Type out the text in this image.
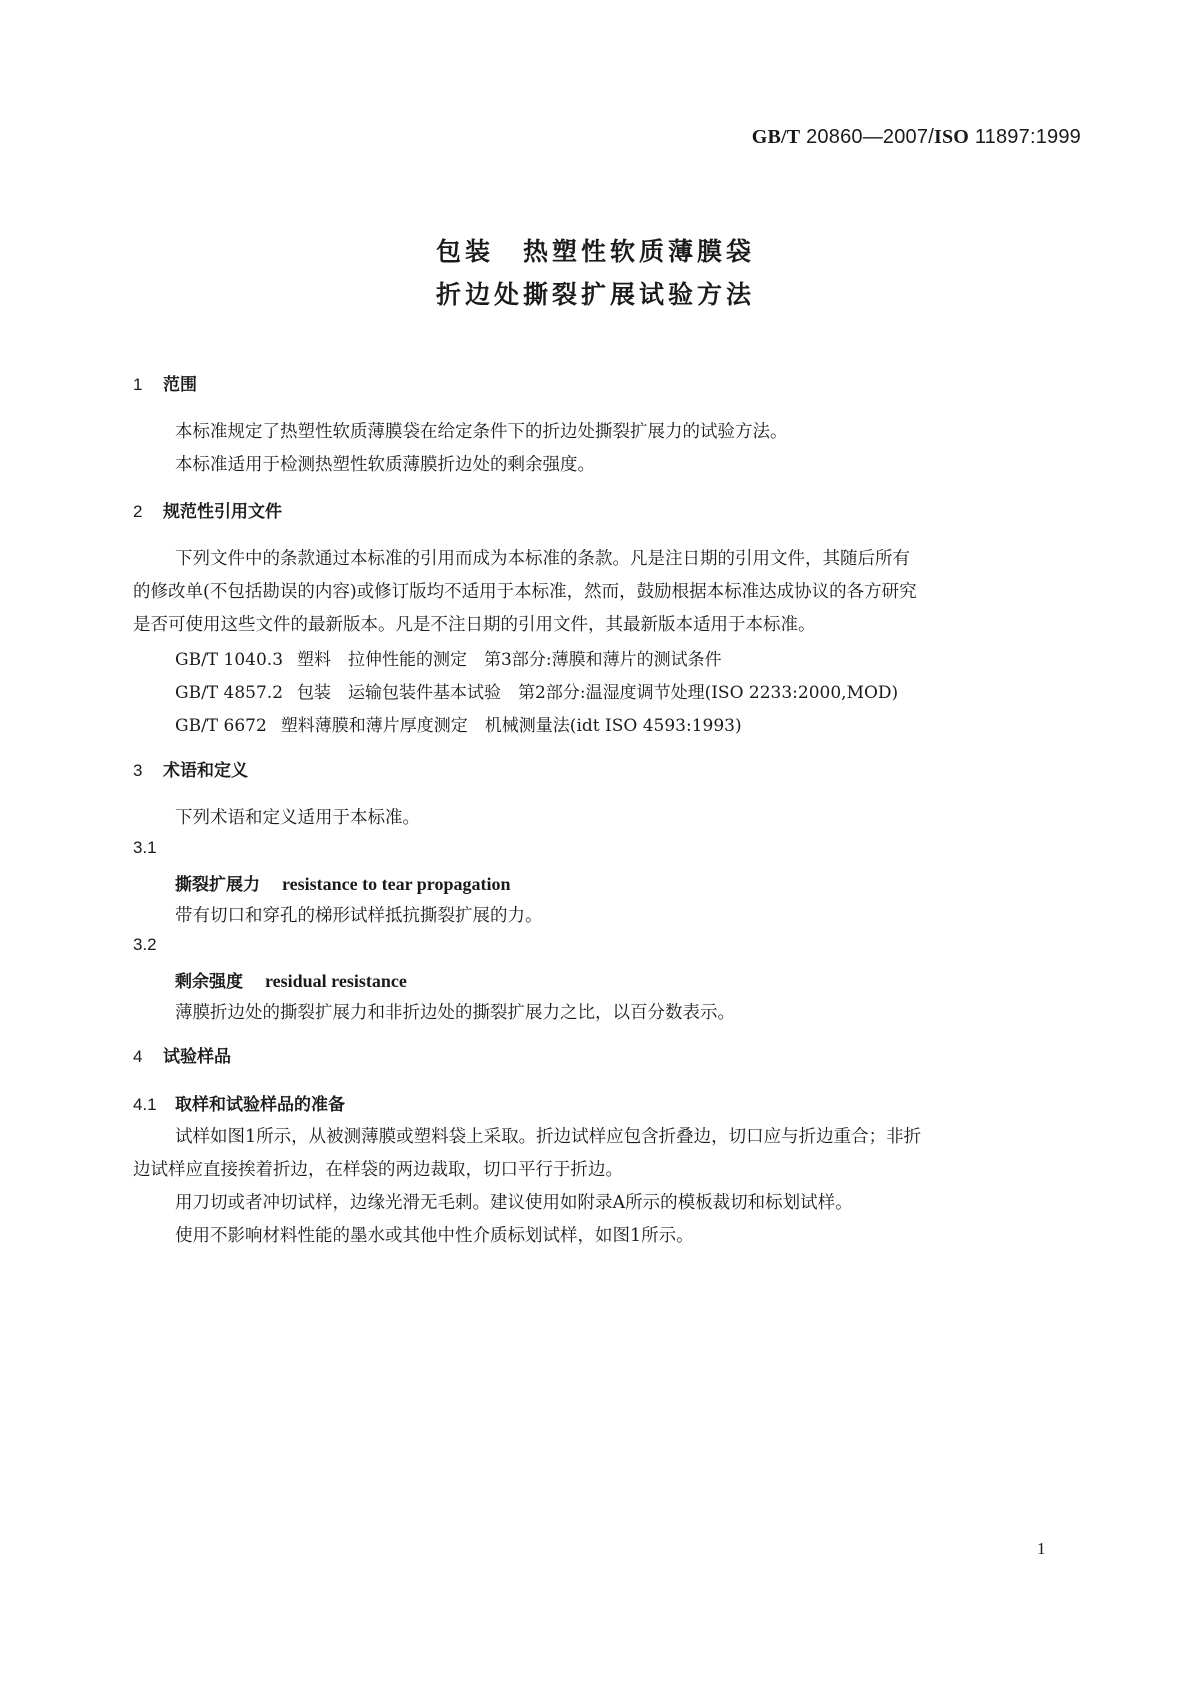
GB/T 20860—2007/ISO 11897:1999
包装　热塑性软质薄膜袋
折边处撕裂扩展试验方法
1 范围
本标准规定了热塑性软质薄膜袋在给定条件下的折边处撕裂扩展力的试验方法。
本标准适用于检测热塑性软质薄膜折边处的剩余强度。
2 规范性引用文件
下列文件中的条款通过本标准的引用而成为本标准的条款。凡是注日期的引用文件，其随后所有
的修改单(不包括勘误的内容)或修订版均不适用于本标准，然而，鼓励根据本标准达成协议的各方研究
是否可使用这些文件的最新版本。凡是不注日期的引用文件，其最新版本适用于本标准。
GB/T 1040.3 塑料　拉伸性能的测定　第3部分:薄膜和薄片的测试条件
GB/T 4857.2 包装　运输包装件基本试验　第2部分:温湿度调节处理(ISO 2233:2000,MOD)
GB/T 6672 塑料薄膜和薄片厚度测定　机械测量法(idt ISO 4593:1993)
3 术语和定义
下列术语和定义适用于本标准。
3.1
撕裂扩展力 resistance to tear propagation
带有切口和穿孔的梯形试样抵抗撕裂扩展的力。
3.2
剩余强度 residual resistance
薄膜折边处的撕裂扩展力和非折边处的撕裂扩展力之比，以百分数表示。
4 试验样品
4.1 取样和试验样品的准备
试样如图1所示，从被测薄膜或塑料袋上采取。折边试样应包含折叠边，切口应与折边重合；非折
边试样应直接挨着折边，在样袋的两边裁取，切口平行于折边。
用刀切或者冲切试样，边缘光滑无毛刺。建议使用如附录A所示的模板裁切和标划试样。
使用不影响材料性能的墨水或其他中性介质标划试样，如图1所示。
1
